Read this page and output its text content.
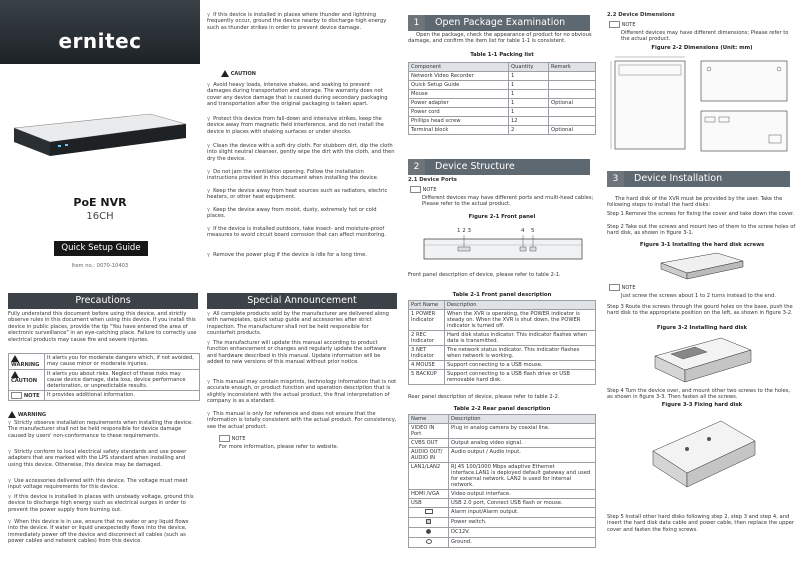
ernitec
PoE NVR
16CH
Quick Setup Guide
Item no.: 0070-10403
γ If this device is installed in places where thunder and lightning frequently occur, ground the device nearby to discharge high energy such as thunder strikes in order to prevent device damage.
CAUTION
γ Avoid heavy loads, intensive shakes, and soaking to prevent damages during transportation and storage. The warranty does not cover any device damage that is caused during secondary packaging and transportation after the original packaging is taken apart.
γ Protect this device from fall-down and intensive strikes, keep the device away from magnetic field interference, and do not install the device in places with shaking surfaces or under shocks.
γ Clean the device with a soft dry cloth. For stubborn dirt, dip the cloth into slight neutral cleanser, gently wipe the dirt with the cloth, and then dry the device.
γ Do not jam the ventilation opening. Follow the installation instructions provided in this document when installing the device.
γ Keep the device away from heat sources such as radiators, electric heaters, or other heat equipment.
γ Keep the device away from moist, dusty, extremely hot or cold places.
γ If the device is installed outdoors, take insect- and moisture-proof measures to avoid circuit board corrosion that can affect monitoring.
γ Remove the power plug if the device is idle for a long time.
Precautions
Fully understand this document before using this device, and strictly observe rules in this document when using this device. If you install this device in public places, provide the tip "You have entered the area of electronic surveillance" in an eye-catching place. Failure to correctly use electrical products may cause fire and severe injuries.
WARNING	It alerts you for moderate dangers which, if not avoided, may cause minor or moderate injuries.
CAUTION	It alerts you about risks. Neglect of these risks may cause device damage, data loss, device performance deterioration, or unpredictable results.
NOTE	It provides additional information.
WARNING
γ Strictly observe installation requirements when installing the device. The manufacturer shall not be held responsible for device damage caused by users' non-conformance to these requirements.
γ Strictly conform to local electrical safety standards and use power adapters that are marked with the LPS standard when installing and using this device. Otherwise, this device may be damaged.
γ Use accessories delivered with this device. The voltage must meet input voltage requirements for this device.
γ If this device is installed in places with unsteady voltage, ground this device to discharge high energy such as electrical surges in order to prevent the power supply from burning out.
γ When this device is in use, ensure that no water or any liquid flows into the device. If water or liquid unexpectedly flows into the device, immediately power off the device and disconnect all cables (such as power cables and network cables) from this device.
Special Announcement
γ All complete products sold by the manufacturer are delivered along with nameplates, quick setup guide and accessories after strict inspection. The manufacturer shall not be held responsible for counterfeit products.
γ The manufacturer will update this manual according to product function enhancement or changes and regularly update the software and hardware described in this manual. Update information will be added to new versions of this manual without prior notice.
γ This manual may contain misprints, technology information that is not accurate enough, or product function and operation description that is slightly inconsistent with the actual product, the final interpretation of company is as a standard.
γ This manual is only for reference and does not ensure that the information is totally consistent with the actual product. For consistency, see the actual product.
NOTE
For more information, please refer to website.
1	Open Package Examination
Open the package, check the appearance of product for no obvious damage, and confirm the item list for table 1-1 is consistent.
Table 1-1 Packing list
Component	Quantity	Remark
Network Video Recorder	1	
Quick Setup Guide	1	
Mouse	1	
Power adapter	1	Optional
Power cord	1	
Phillips head screw	12	
Terminal block	2	Optional
2	Device Structure
2.1 Device Ports
NOTE
Different devices may have different ports and multi-head cables; Please refer to the actual product.
Figure 2-1 Front panel
1 2 3	4 5
Front panel description of device, please refer to table 2-1.
Table 2-1 Front panel description
Port Name	Description
1 POWER Indicator	When the XVR is operating, the POWER indicator is steady on. When the XVR is shut down, the POWER indicator is turned off.
2 REC Indicator	Hard disk status indicator. This indicator flashes when data is transmitted.
3 NET Indicator	The network status indicator. This indicator flashes when network is working.
4 MOUSE	Support connecting to a USB mouse.
5 BACKUP	Support connecting to a USB flash drive or USB removable hard disk.
Rear panel description of device, please refer to table 2-2.
Table 2-2 Rear panel description
Name	Description
VIDEO IN Port	Plug in analog camera by coaxial line.
CVBS OUT	Output analog video signal.
AUDIO OUT/ AUDIO IN	Audio output / Audio input.
LAN1/LAN2	RJ 45 100/1000 Mbps adaptive Ethernet interface.LAN1 is deployed default gateway and used for external network. LAN2 is used for internal network.
HDMI /VGA	Video output interface.
USB	USB 2.0 port, Connect USB flash or mouse.
	Alarm input/Alarm output.
	Power switch.
	DC12V.
	Ground.
2.2 Device Dimensions
NOTE
Different devices may have different dimensions; Please refer to the actual product.
Figure 2-2 Dimensions (Unit: mm)
3	Device Installation
The hard disk of the XVR must be provided by the user. Take the following steps to install the hard disks:
Step 1 Remove the screws for fixing the cover and take down the cover.
Step 2 Take out the screws and mount two of them to the screw holes of hard disk, as shown in figure 3-1.
Figure 3-1 Installing the hard disk screws
NOTE
Just screw the screws about 1 to 2 turns instead to the end.
Step 3 Route the screws through the gourd holes on the base, push the hard disk to the appropriate position on the left, as shown in figure 3-2.
Figure 3-2 Installing hard disk
Step 4 Turn the device over, and mount other two screws to the holes, as shown in figure 3-3. Then fasten all the screws.
Figure 3-3 Fixing hard disk
Step 5 Install other hard disks following step 2, step 3 and step 4, and insert the hard disk data cable and power cable, then replace the upper cover and fasten the fixing screws.
